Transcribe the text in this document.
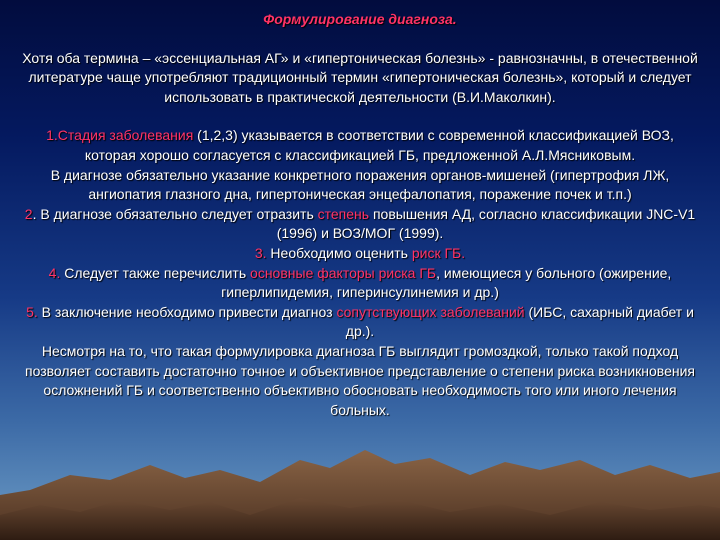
Формулирование диагноза.

Хотя оба термина – «эссенциальная АГ» и «гипертоническая болезнь» - равнозначны, в отечественной литературе чаще употребляют традиционный термин «гипертоническая болезнь», который и следует использовать в практической деятельности (В.И.Маколкин).

1.Стадия заболевания (1,2,3) указывается в соответствии с современной классификацией ВОЗ, которая хорошо согласуется с классификацией ГБ, предложенной А.Л.Мясниковым.

В диагнозе обязательно указание конкретного поражения органов-мишеней (гипертрофия ЛЖ, ангиопатия глазного дна, гипертоническая энцефалопатия, поражение почек и т.п.)

2. В диагнозе обязательно следует отразить степень повышения АД, согласно классификации JNC-V1 (1996) и ВОЗ/МОГ (1999).

3. Необходимо оценить риск ГБ.

4. Следует также перечислить основные факторы риска ГБ, имеющиеся у больного (ожирение, гиперлипидемия, гиперинсулинемия и др.)

5. В заключение необходимо привести диагноз сопутствующих заболеваний (ИБС, сахарный диабет и др.).

Несмотря на то, что такая формулировка диагноза ГБ выглядит громоздкой, только такой подход позволяет составить достаточно точное и объективное представление о степени риска возникновения осложнений ГБ и соответственно объективно обосновать необходимость того или иного лечения больных.
